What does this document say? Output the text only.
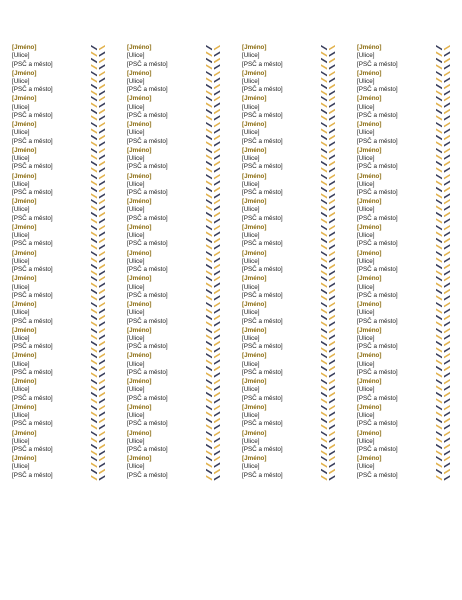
[Jméno]
[Ulice]
[PSČ a město]
[Jméno]
[Ulice]
[PSČ a město]
[Jméno]
[Ulice]
[PSČ a město]
[Jméno]
[Ulice]
[PSČ a město]
[Jméno]
[Ulice]
[PSČ a město]
[Jméno]
[Ulice]
[PSČ a město]
[Jméno]
[Ulice]
[PSČ a město]
[Jméno]
[Ulice]
[PSČ a město]
[Jméno]
[Ulice]
[PSČ a město]
[Jméno]
[Ulice]
[PSČ a město]
[Jméno]
[Ulice]
[PSČ a město]
[Jméno]
[Ulice]
[PSČ a město]
[Jméno]
[Ulice]
[PSČ a město]
[Jméno]
[Ulice]
[PSČ a město]
[Jméno]
[Ulice]
[PSČ a město]
[Jméno]
[Ulice]
[PSČ a město]
[Jméno]
[Ulice]
[PSČ a město]
[Jméno]
[Ulice]
[PSČ a město]
[Jméno]
[Ulice]
[PSČ a město]
[Jméno]
[Ulice]
[PSČ a město]
[Jméno]
[Ulice]
[PSČ a město]
[Jméno]
[Ulice]
[PSČ a město]
[Jméno]
[Ulice]
[PSČ a město]
[Jméno]
[Ulice]
[PSČ a město]
[Jméno]
[Ulice]
[PSČ a město]
[Jméno]
[Ulice]
[PSČ a město]
[Jméno]
[Ulice]
[PSČ a město]
[Jméno]
[Ulice]
[PSČ a město]
[Jméno]
[Ulice]
[PSČ a město]
[Jméno]
[Ulice]
[PSČ a město]
[Jméno]
[Ulice]
[PSČ a město]
[Jméno]
[Ulice]
[PSČ a město]
[Jméno]
[Ulice]
[PSČ a město]
[Jméno]
[Ulice]
[PSČ a město]
[Jméno]
[Ulice]
[PSČ a město]
[Jméno]
[Ulice]
[PSČ a město]
[Jméno]
[Ulice]
[PSČ a město]
[Jméno]
[Ulice]
[PSČ a město]
[Jméno]
[Ulice]
[PSČ a město]
[Jméno]
[Ulice]
[PSČ a město]
[Jméno]
[Ulice]
[PSČ a město]
[Jméno]
[Ulice]
[PSČ a město]
[Jméno]
[Ulice]
[PSČ a město]
[Jméno]
[Ulice]
[PSČ a město]
[Jméno]
[Ulice]
[PSČ a město]
[Jméno]
[Ulice]
[PSČ a město]
[Jméno]
[Ulice]
[PSČ a město]
[Jméno]
[Ulice]
[PSČ a město]
[Jméno]
[Ulice]
[PSČ a město]
[Jméno]
[Ulice]
[PSČ a město]
[Jméno]
[Ulice]
[PSČ a město]
[Jméno]
[Ulice]
[PSČ a město]
[Jméno]
[Ulice]
[PSČ a město]
[Jméno]
[Ulice]
[PSČ a město]
[Jméno]
[Ulice]
[PSČ a město]
[Jméno]
[Ulice]
[PSČ a město]
[Jméno]
[Ulice]
[PSČ a město]
[Jméno]
[Ulice]
[PSČ a město]
[Jméno]
[Ulice]
[PSČ a město]
[Jméno]
[Ulice]
[PSČ a město]
[Jméno]
[Ulice]
[PSČ a město]
[Jméno]
[Ulice]
[PSČ a město]
[Jméno]
[Ulice]
[PSČ a město]
[Jméno]
[Ulice]
[PSČ a město]
[Jméno]
[Ulice]
[PSČ a město]
[Jméno]
[Ulice]
[PSČ a město]
[Jméno]
[Ulice]
[PSČ a město]
[Jméno]
[Ulice]
[PSČ a město]
